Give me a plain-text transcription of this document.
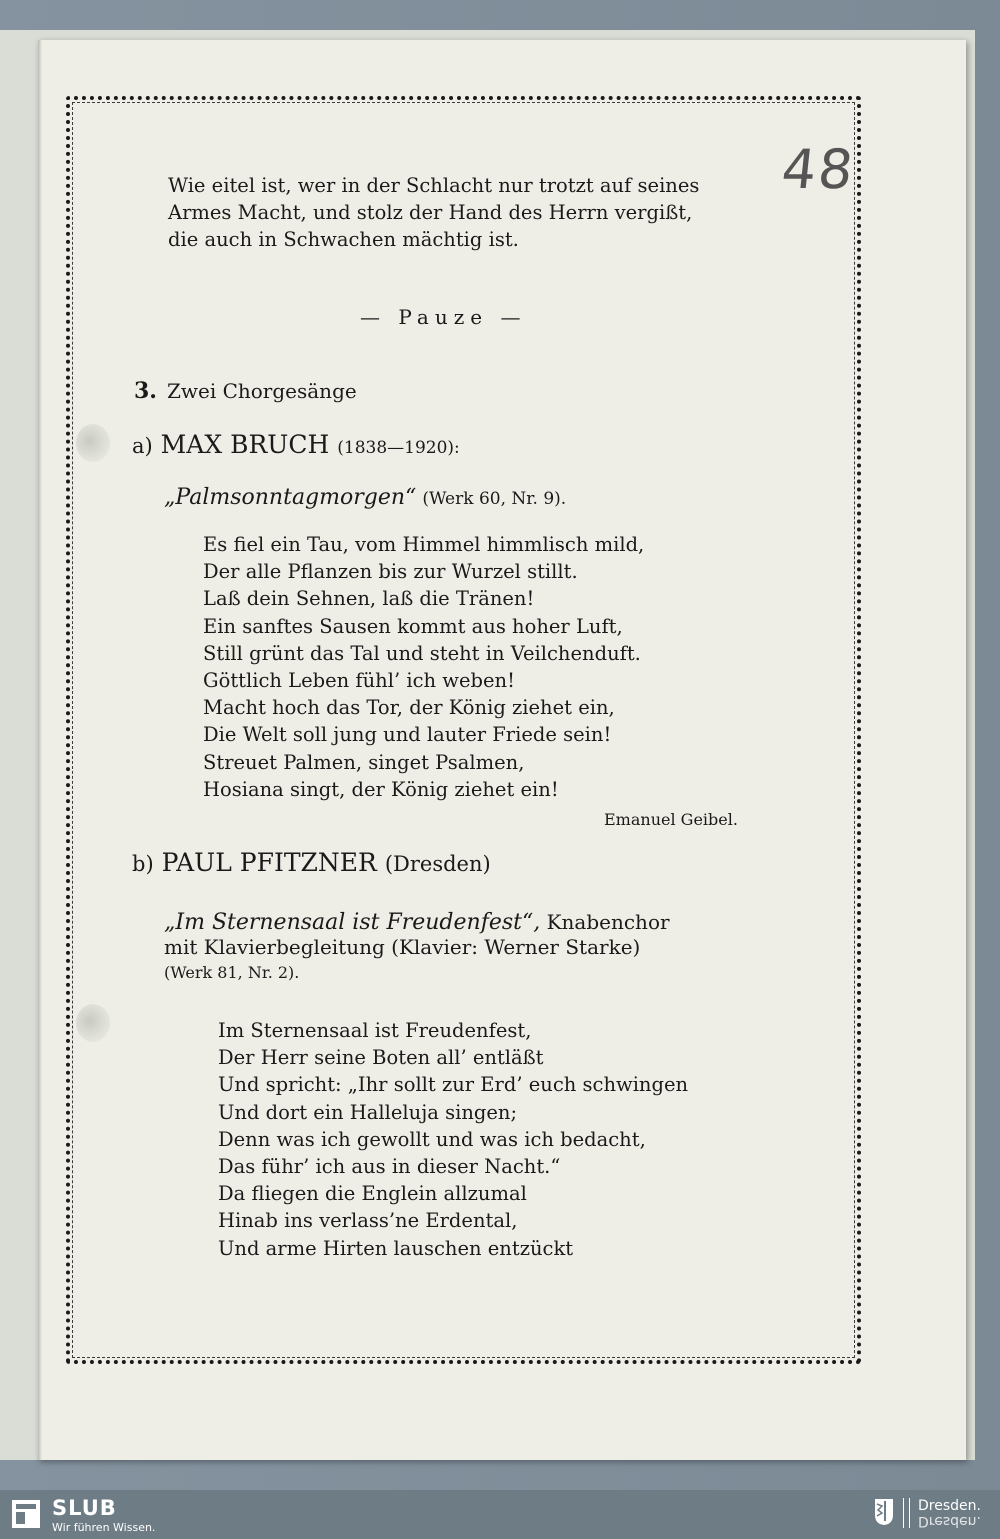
48
Wie eitel ist, wer in der Schlacht nur trotzt auf seines
Armes Macht, und stolz der Hand des Herrn vergißt,
die auch in Schwachen mächtig ist.
— Pauze —
3. Zwei Chorgesänge
a) MAX BRUCH (1838—1920):
„Palmsonntagmorgen“ (Werk 60, Nr. 9).
Es fiel ein Tau, vom Himmel himmlisch mild,
Der alle Pflanzen bis zur Wurzel stillt.
Laß dein Sehnen, laß die Tränen!
Ein sanftes Sausen kommt aus hoher Luft,
Still grünt das Tal und steht in Veilchenduft.
Göttlich Leben fühl’ ich weben!
Macht hoch das Tor, der König ziehet ein,
Die Welt soll jung und lauter Friede sein!
Streuet Palmen, singet Psalmen,
Hosiana singt, der König ziehet ein!
Emanuel Geibel.
b) PAUL PFITZNER (Dresden)
„Im Sternensaal ist Freudenfest“, Knabenchor
mit Klavierbegleitung (Klavier: Werner Starke)
(Werk 81, Nr. 2).
Im Sternensaal ist Freudenfest,
Der Herr seine Boten all’ entläßt
Und spricht: „Ihr sollt zur Erd’ euch schwingen
Und dort ein Halleluja singen;
Denn was ich gewollt und was ich bedacht,
Das führ’ ich aus in dieser Nacht.“
Da fliegen die Englein allzumal
Hinab ins verlass’ne Erdental,
Und arme Hirten lauschen entzückt
SLUB
Wir führen Wissen.
Dresden.
Dresden.
